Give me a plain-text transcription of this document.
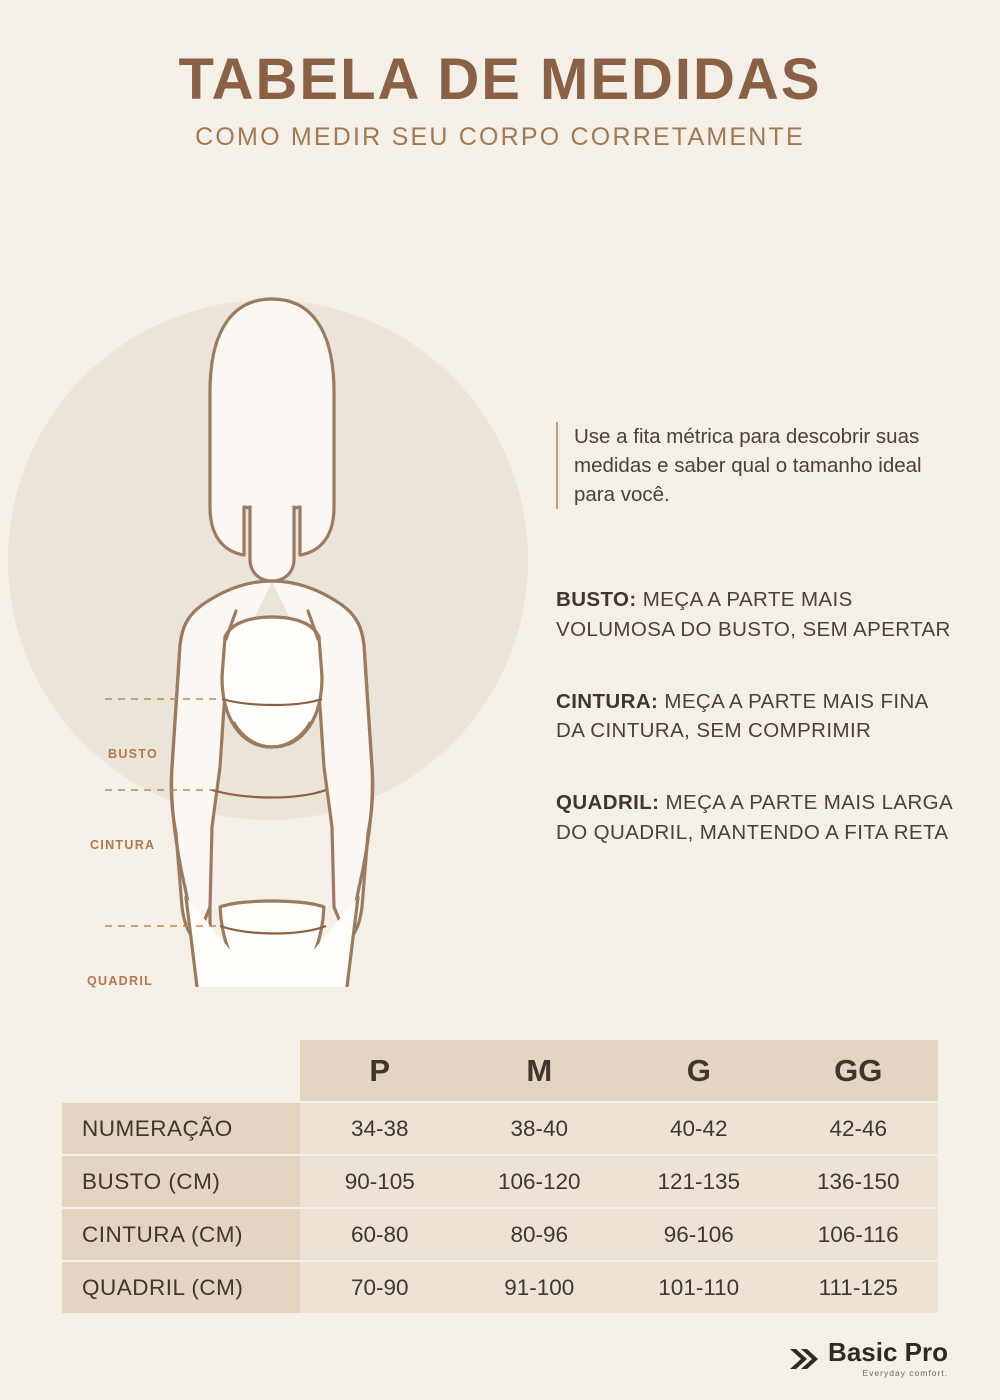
TABELA DE MEDIDAS
COMO MEDIR SEU CORPO CORRETAMENTE
BUSTO
CINTURA
QUADRIL
Use a fita métrica para descobrir suas medidas e saber qual o tamanho ideal para você.
BUSTO: MEÇA A PARTE MAIS VOLUMOSA DO BUSTO, SEM APERTAR
CINTURA: MEÇA A PARTE MAIS FINA DA CINTURA, SEM COMPRIMIR
QUADRIL: MEÇA A PARTE MAIS LARGA DO QUADRIL, MANTENDO A FITA RETA
	P	M	G	GG
NUMERAÇÃO	34-38	38-40	40-42	42-46
BUSTO (CM)	90-105	106-120	121-135	136-150
CINTURA (CM)	60-80	80-96	96-106	106-116
QUADRIL (CM)	70-90	91-100	101-110	111-125
Basic Pro
Everyday comfort.
